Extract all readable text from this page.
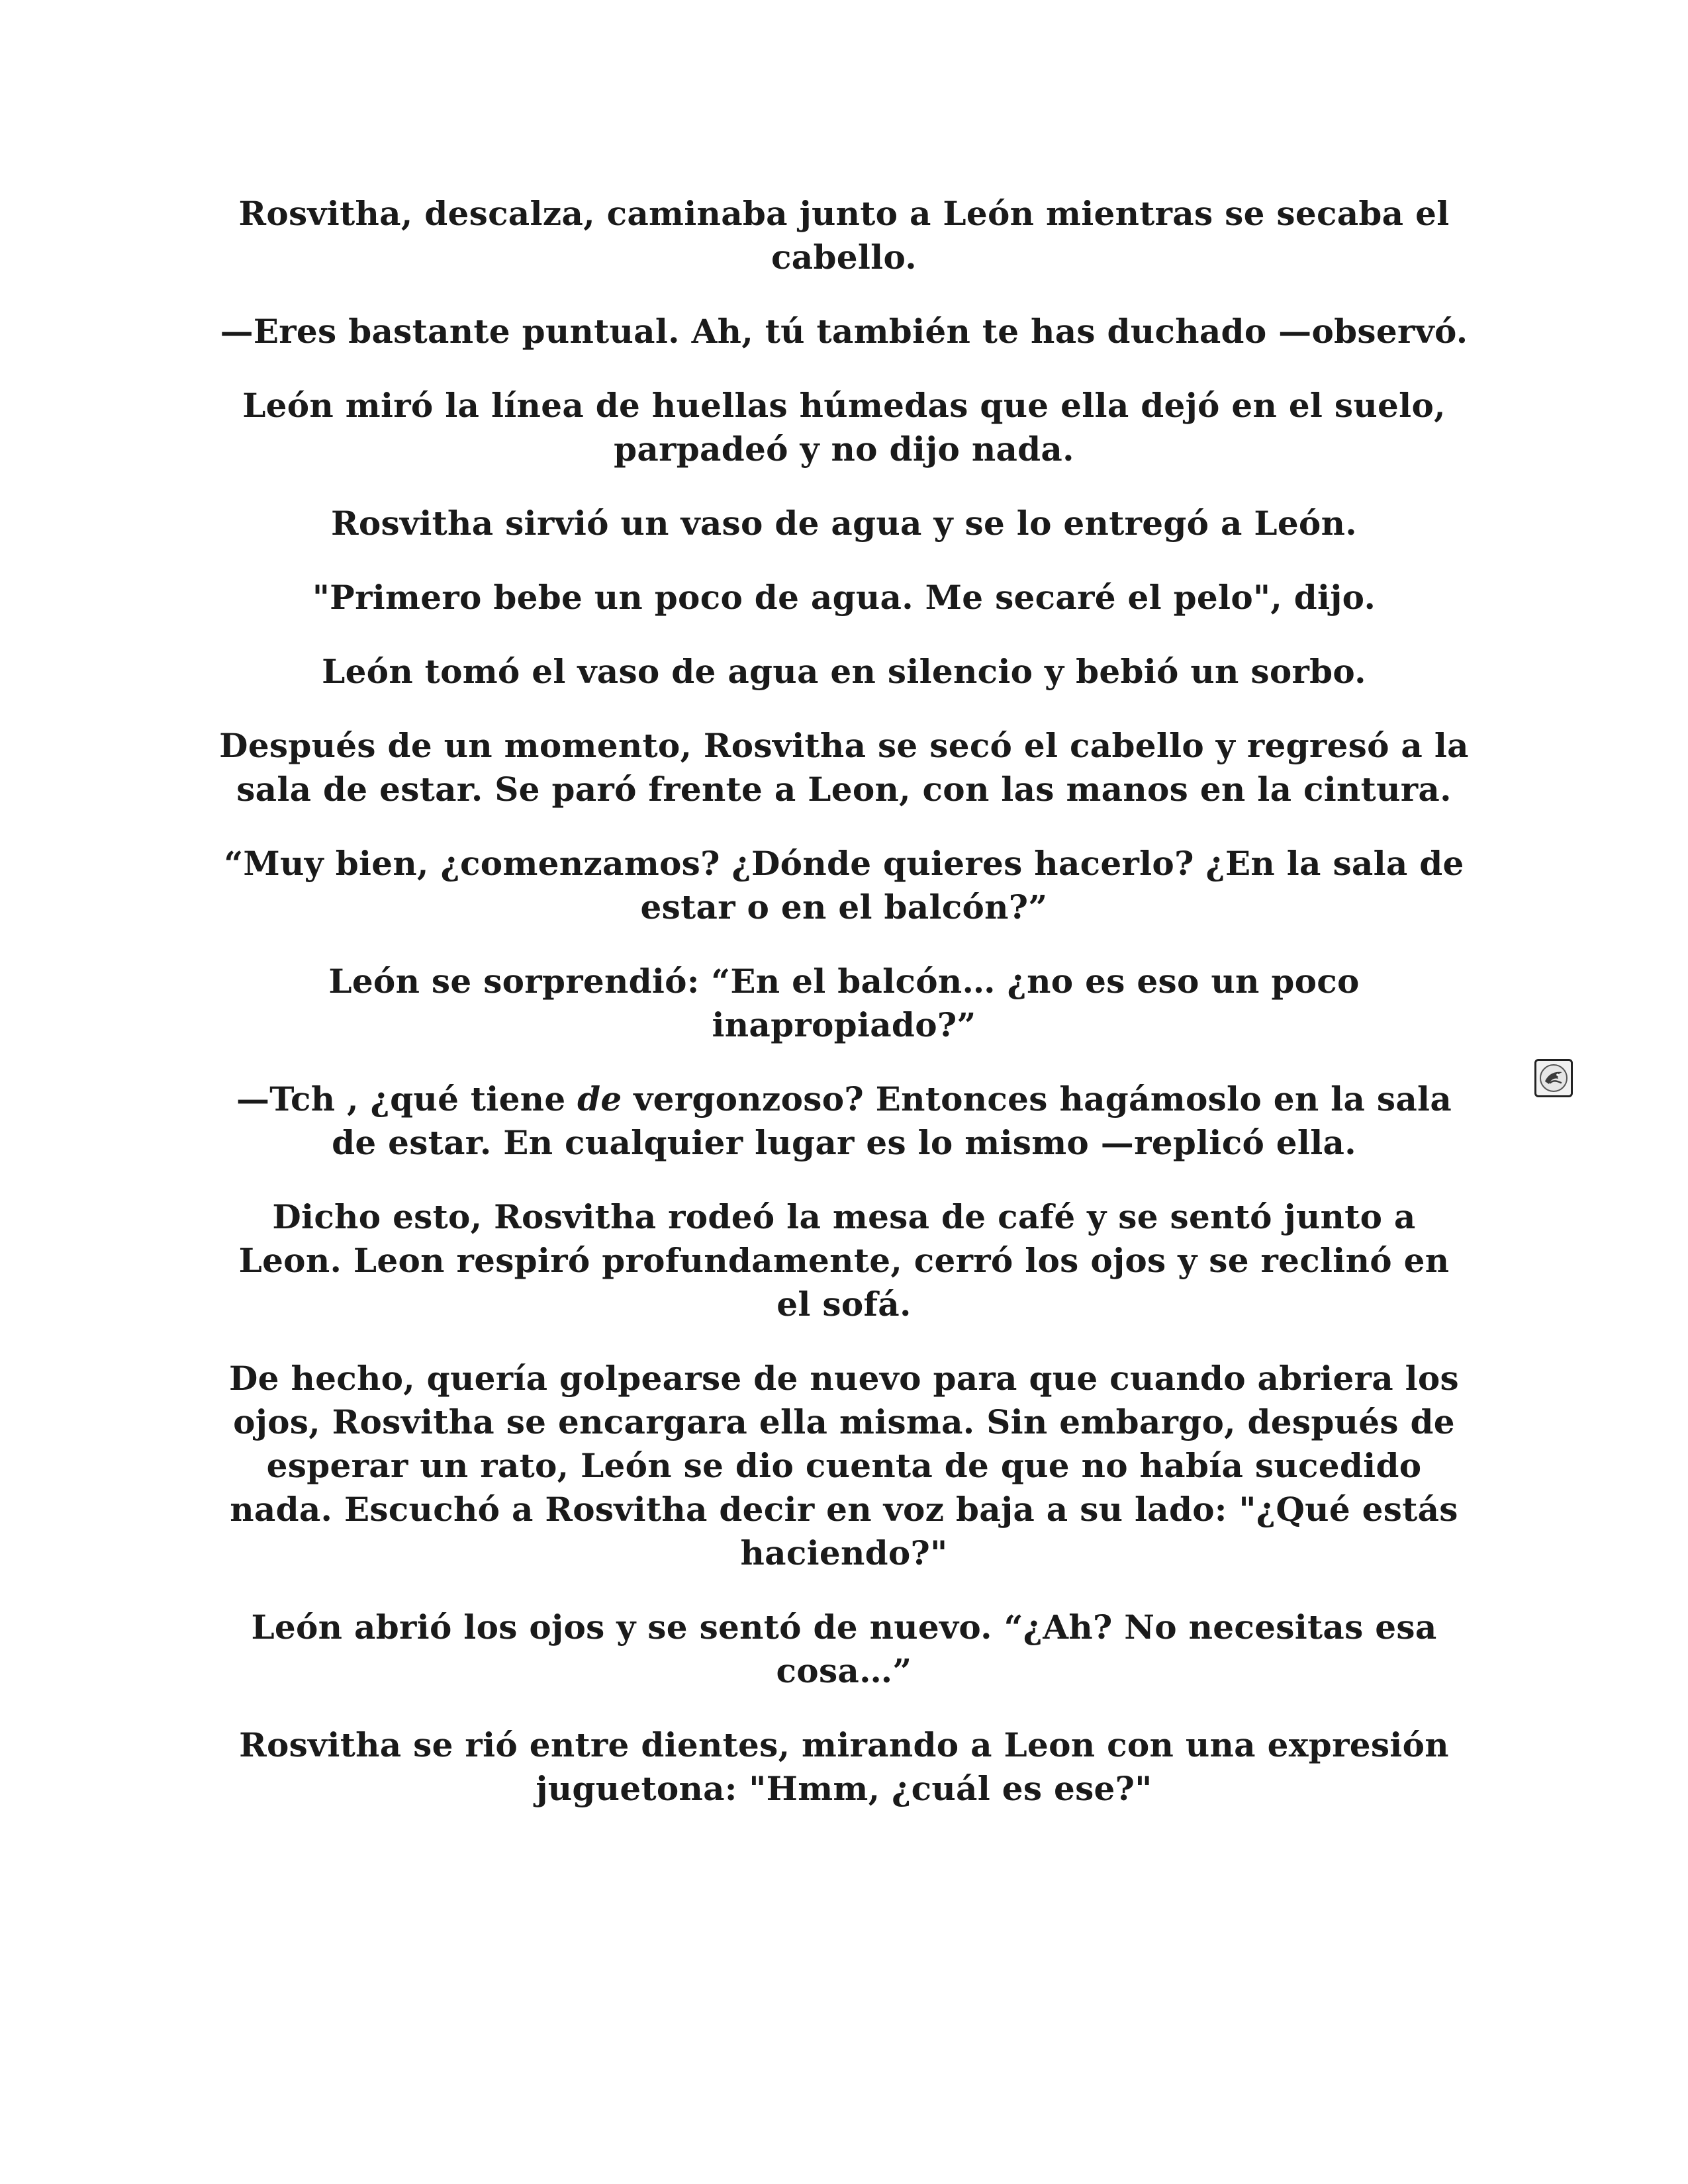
Rosvitha, descalza, caminaba junto a León mientras se secaba el cabello.

—Eres bastante puntual. Ah, tú también te has duchado —observó.

León miró la línea de huellas húmedas que ella dejó en el suelo, parpadeó y no dijo nada.

Rosvitha sirvió un vaso de agua y se lo entregó a León.

"Primero bebe un poco de agua. Me secaré el pelo", dijo.

León tomó el vaso de agua en silencio y bebió un sorbo.

Después de un momento, Rosvitha se secó el cabello y regresó a la sala de estar. Se paró frente a Leon, con las manos en la cintura.

“Muy bien, ¿comenzamos? ¿Dónde quieres hacerlo? ¿En la sala de estar o en el balcón?”

León se sorprendió: “En el balcón… ¿no es eso un poco inapropiado?”

—Tch , ¿qué tiene de vergonzoso? Entonces hagámoslo en la sala de estar. En cualquier lugar es lo mismo —replicó ella.

Dicho esto, Rosvitha rodeó la mesa de café y se sentó junto a Leon. Leon respiró profundamente, cerró los ojos y se reclinó en el sofá.

De hecho, quería golpearse de nuevo para que cuando abriera los ojos, Rosvitha se encargara ella misma. Sin embargo, después de esperar un rato, León se dio cuenta de que no había sucedido nada. Escuchó a Rosvitha decir en voz baja a su lado: "¿Qué estás haciendo?"

León abrió los ojos y se sentó de nuevo. “¿Ah? No necesitas esa cosa…”

Rosvitha se rió entre dientes, mirando a Leon con una expresión juguetona: "Hmm, ¿cuál es ese?"
